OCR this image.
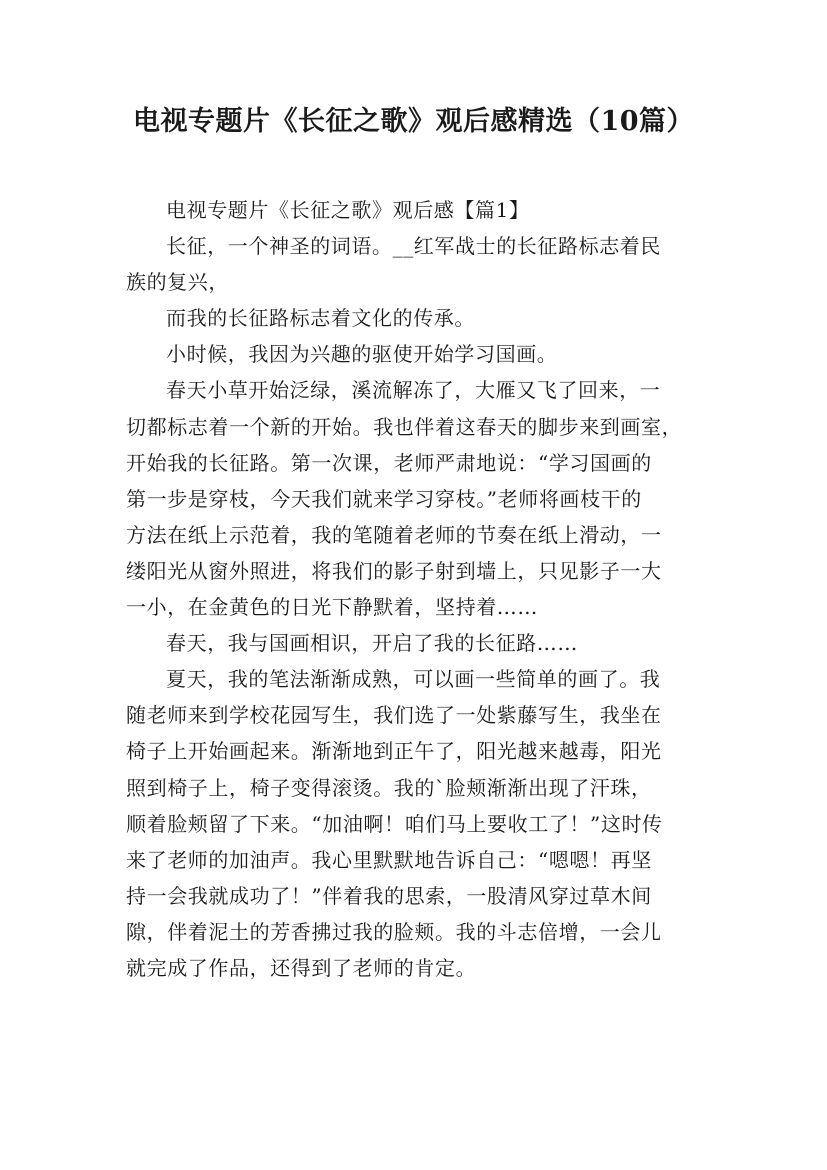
电视专题片《长征之歌》观后感精选（10篇）

电视专题片《长征之歌》观后感【篇1】

长征，一个神圣的词语。__红军战士的长征路标志着民
族的复兴，

而我的长征路标志着文化的传承。

小时候，我因为兴趣的驱使开始学习国画。

春天小草开始泛绿，溪流解冻了，大雁又飞了回来，一
切都标志着一个新的开始。我也伴着这春天的脚步来到画室，
开始我的长征路。第一次课，老师严肃地说：“学习国画的
第一步是穿枝，今天我们就来学习穿枝。”老师将画枝干的
方法在纸上示范着，我的笔随着老师的节奏在纸上滑动，一
缕阳光从窗外照进，将我们的影子射到墙上，只见影子一大
一小，在金黄色的日光下静默着，坚持着……

春天，我与国画相识，开启了我的长征路……

夏天，我的笔法渐渐成熟，可以画一些简单的画了。我
随老师来到学校花园写生，我们选了一处紫藤写生，我坐在
椅子上开始画起来。渐渐地到正午了，阳光越来越毒，阳光
照到椅子上，椅子变得滚烫。我的`脸颊渐渐出现了汗珠，
顺着脸颊留了下来。“加油啊！咱们马上要收工了！”这时传
来了老师的加油声。我心里默默地告诉自己：“嗯嗯！再坚
持一会我就成功了！”伴着我的思索，一股清风穿过草木间
隙，伴着泥土的芳香拂过我的脸颊。我的斗志倍增，一会儿
就完成了作品，还得到了老师的肯定。
